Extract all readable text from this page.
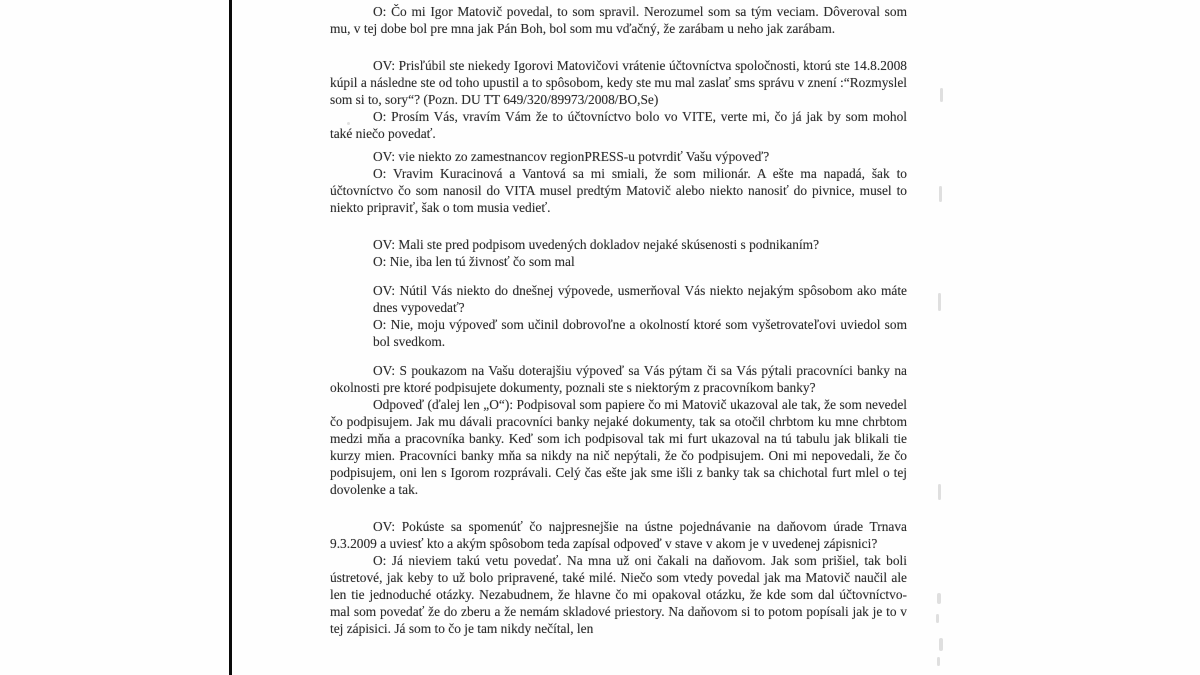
O: Čo mi Igor Matovič povedal, to som spravil. Nerozumel som sa tým veciam. Dôveroval som mu, v tej dobe bol pre mna jak Pán Boh, bol som mu vďačný, že zarábam u neho jak zarábam.

OV: Prisľúbil ste niekedy Igorovi Matovičovi vrátenie účtovníctva spoločnosti, ktorú ste 14.8.2008 kúpil a následne ste od toho upustil a to spôsobom, kedy ste mu mal zaslať sms správu v znení :“Rozmyslel som si to, sory“? (Pozn. DU TT 649/320/89973/2008/BO,Se)

O: Prosím Vás, vravím Vám že to účtovníctvo bolo vo VITE, verte mi, čo já jak by som mohol také niečo povedať.

OV: vie niekto zo zamestnancov regionPRESS-u potvrdiť Vašu výpoveď?

O: Vravim Kuracinová a Vantová sa mi smiali, že som milionár. A ešte ma napadá, šak to účtovníctvo čo som nanosil do VITA musel predtým Matovič alebo niekto nanosiť do pivnice, musel to niekto pripraviť, šak o tom musia vedieť.

OV: Mali ste pred podpisom uvedených dokladov nejaké skúsenosti s podnikaním?

O: Nie, iba len tú živnosť čo som mal

OV: Nútil Vás niekto do dnešnej výpovede, usmerňoval Vás niekto nejakým spôsobom ako máte dnes vypovedať?

O: Nie, moju výpoveď som učinil dobrovoľne a okolností ktoré som vyšetrovateľovi uviedol som bol svedkom.

OV: S poukazom na Vašu doterajšiu výpoveď sa Vás pýtam či sa Vás pýtali pracovníci banky na okolnosti pre ktoré podpisujete dokumenty, poznali ste s niektorým z pracovníkom banky?

Odpoveď (ďalej len „O“): Podpisoval som papiere čo mi Matovič ukazoval ale tak, že som nevedel čo podpisujem. Jak mu dávali pracovníci banky nejaké dokumenty, tak sa otočil chrbtom ku mne chrbtom medzi mňa a pracovníka banky. Keď som ich podpisoval tak mi furt ukazoval na tú tabulu jak blikali tie kurzy mien. Pracovníci banky mňa sa nikdy na nič nepýtali, že čo podpisujem. Oni mi nepovedali, že čo podpisujem, oni len s Igorom rozprávali. Celý čas ešte jak sme išli z banky tak sa chichotal furt mlel o tej dovolenke a tak.

OV: Pokúste sa spomenúť čo najpresnejšie na ústne pojednávanie na daňovom úrade Trnava 9.3.2009 a uviesť kto a akým spôsobom teda zapísal odpoveď v stave v akom je v uvedenej zápisnici?

O: Já nieviem takú vetu povedať. Na mna už oni čakali na daňovom. Jak som prišiel, tak boli ústretové, jak keby to už bolo pripravené, také milé. Niečo som vtedy povedal jak ma Matovič naučil ale len tie jednoduché otázky. Nezabudnem, že hlavne čo mi opakoval otázku, že kde som dal účtovníctvo- mal som povedať že do zberu a že nemám skladové priestory. Na daňovom si to potom popísali jak je to v tej zápisici. Já som to čo je tam nikdy nečítal, len
